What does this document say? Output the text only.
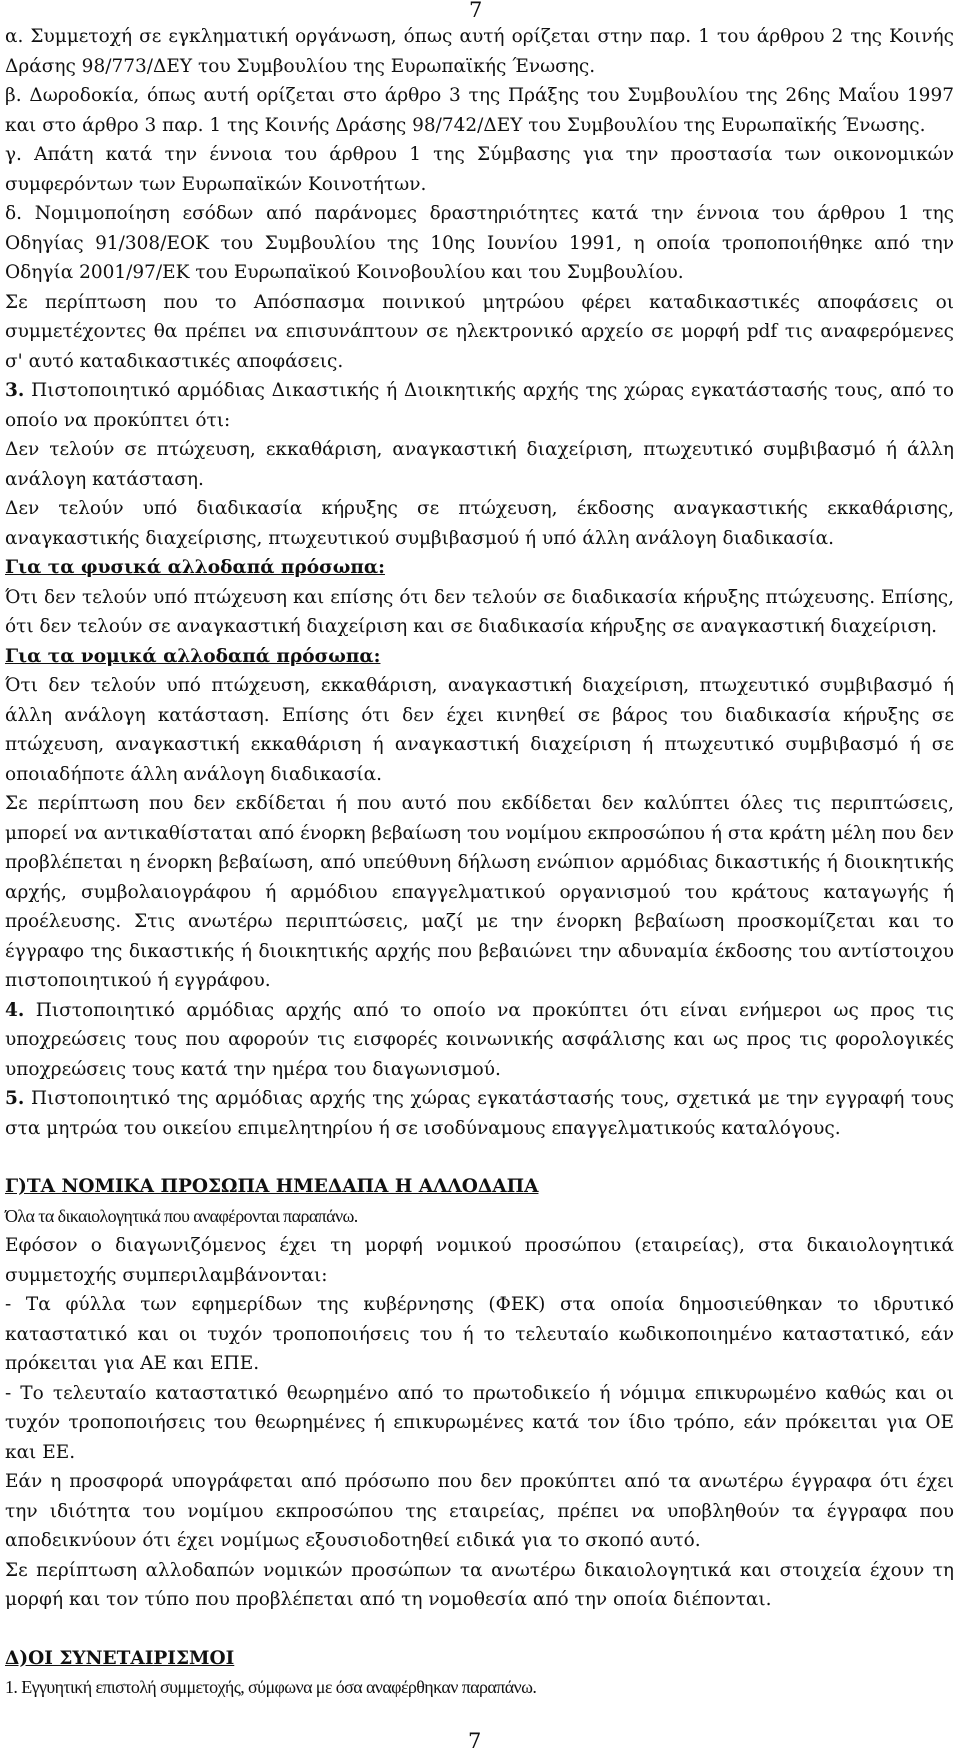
7

α. Συμμετοχή σε εγκληματική οργάνωση, όπως αυτή ορίζεται στην παρ. 1 του άρθρου 2 της Κοινής Δράσης 98/773/ΔΕΥ του Συμβουλίου της Ευρωπαϊκής Ένωσης.

β. Δωροδοκία, όπως αυτή ορίζεται στο άρθρο 3 της Πράξης του Συμβουλίου της 26ης Μαΐου 1997 και στο άρθρο 3 παρ. 1 της Κοινής Δράσης 98/742/ΔΕΥ του Συμβουλίου της Ευρωπαϊκής Ένωσης.

γ. Απάτη κατά την έννοια του άρθρου 1 της Σύμβασης για την προστασία των οικονομικών συμφερόντων των Ευρωπαϊκών Κοινοτήτων.

δ. Νομιμοποίηση εσόδων από παράνομες δραστηριότητες κατά την έννοια του άρθρου 1 της Οδηγίας 91/308/ΕΟΚ του Συμβουλίου της 10ης Ιουνίου 1991, η οποία τροποποιήθηκε από την Οδηγία 2001/97/ΕΚ του Ευρωπαϊκού Κοινοβουλίου και του Συμβουλίου.

Σε περίπτωση που το Απόσπασμα ποινικού μητρώου φέρει καταδικαστικές αποφάσεις οι συμμετέχοντες θα πρέπει να επισυνάπτουν σε ηλεκτρονικό αρχείο σε μορφή pdf τις αναφερόμενες σ' αυτό καταδικαστικές αποφάσεις.

3. Πιστοποιητικό αρμόδιας Δικαστικής ή Διοικητικής αρχής της χώρας εγκατάστασής τους, από το οποίο να προκύπτει ότι:

Δεν τελούν σε πτώχευση, εκκαθάριση, αναγκαστική διαχείριση, πτωχευτικό συμβιβασμό ή άλλη ανάλογη κατάσταση.

Δεν τελούν υπό διαδικασία κήρυξης σε πτώχευση, έκδοσης αναγκαστικής εκκαθάρισης, αναγκαστικής διαχείρισης, πτωχευτικού συμβιβασμού ή υπό άλλη ανάλογη διαδικασία.

Για τα φυσικά αλλοδαπά πρόσωπα:

Ότι δεν τελούν υπό πτώχευση και επίσης ότι δεν τελούν σε διαδικασία κήρυξης πτώχευσης. Επίσης, ότι δεν τελούν σε αναγκαστική διαχείριση και σε διαδικασία κήρυξης σε αναγκαστική διαχείριση.

Για τα νομικά αλλοδαπά πρόσωπα:

Ότι δεν τελούν υπό πτώχευση, εκκαθάριση, αναγκαστική διαχείριση, πτωχευτικό συμβιβασμό ή άλλη ανάλογη κατάσταση. Επίσης ότι δεν έχει κινηθεί σε βάρος του διαδικασία κήρυξης σε πτώχευση, αναγκαστική εκκαθάριση ή αναγκαστική διαχείριση ή πτωχευτικό συμβιβασμό ή σε οποιαδήποτε άλλη ανάλογη διαδικασία.

Σε περίπτωση που δεν εκδίδεται ή που αυτό που εκδίδεται δεν καλύπτει όλες τις περιπτώσεις, μπορεί να αντικαθίσταται από ένορκη βεβαίωση του νομίμου εκπροσώπου ή στα κράτη μέλη που δεν προβλέπεται η ένορκη βεβαίωση, από υπεύθυνη δήλωση ενώπιον αρμόδιας δικαστικής ή διοικητικής αρχής, συμβολαιογράφου ή αρμόδιου επαγγελματικού οργανισμού του κράτους καταγωγής ή προέλευσης. Στις ανωτέρω περιπτώσεις, μαζί με την ένορκη βεβαίωση προσκομίζεται και το έγγραφο της δικαστικής ή διοικητικής αρχής που βεβαιώνει την αδυναμία έκδοσης του αντίστοιχου πιστοποιητικού ή εγγράφου.

4. Πιστοποιητικό αρμόδιας αρχής από το οποίο να προκύπτει ότι είναι ενήμεροι ως προς τις υποχρεώσεις τους που αφορούν τις εισφορές κοινωνικής ασφάλισης και ως προς τις φορολογικές υποχρεώσεις τους κατά την ημέρα του διαγωνισμού.

5. Πιστοποιητικό της αρμόδιας αρχής της χώρας εγκατάστασής τους, σχετικά με την εγγραφή τους στα μητρώα του οικείου επιμελητηρίου ή σε ισοδύναμους επαγγελματικούς καταλόγους.

Γ)ΤΑ ΝΟΜΙΚΑ ΠΡΟΣΩΠΑ ΗΜΕΔΑΠΑ Η ΑΛΛΟΔΑΠΑ

Όλα τα δικαιολογητικά που αναφέρονται παραπάνω.

Εφόσον ο διαγωνιζόμενος έχει τη μορφή νομικού προσώπου (εταιρείας), στα δικαιολογητικά συμμετοχής συμπεριλαμβάνονται:

- Τα φύλλα των εφημερίδων της κυβέρνησης (ΦΕΚ) στα οποία δημοσιεύθηκαν το ιδρυτικό καταστατικό και οι τυχόν τροποποιήσεις του ή το τελευταίο κωδικοποιημένο καταστατικό, εάν πρόκειται για ΑΕ και ΕΠΕ.

- Το τελευταίο καταστατικό θεωρημένο από το πρωτοδικείο ή νόμιμα επικυρωμένο καθώς και οι τυχόν τροποποιήσεις του θεωρημένες ή επικυρωμένες κατά τον ίδιο τρόπο, εάν πρόκειται για ΟΕ και ΕΕ.

Εάν η προσφορά υπογράφεται από πρόσωπο που δεν προκύπτει από τα ανωτέρω έγγραφα ότι έχει την ιδιότητα του νομίμου εκπροσώπου της εταιρείας, πρέπει να υποβληθούν τα έγγραφα που αποδεικνύουν ότι έχει νομίμως εξουσιοδοτηθεί ειδικά για το σκοπό αυτό.

Σε περίπτωση αλλοδαπών νομικών προσώπων τα ανωτέρω δικαιολογητικά και στοιχεία έχουν τη μορφή και τον τύπο που προβλέπεται από τη νομοθεσία από την οποία διέπονται.

Δ)ΟΙ ΣΥΝΕΤΑΙΡΙΣΜΟΙ

1. Εγγυητική επιστολή συμμετοχής, σύμφωνα με όσα αναφέρθηκαν παραπάνω.

7
